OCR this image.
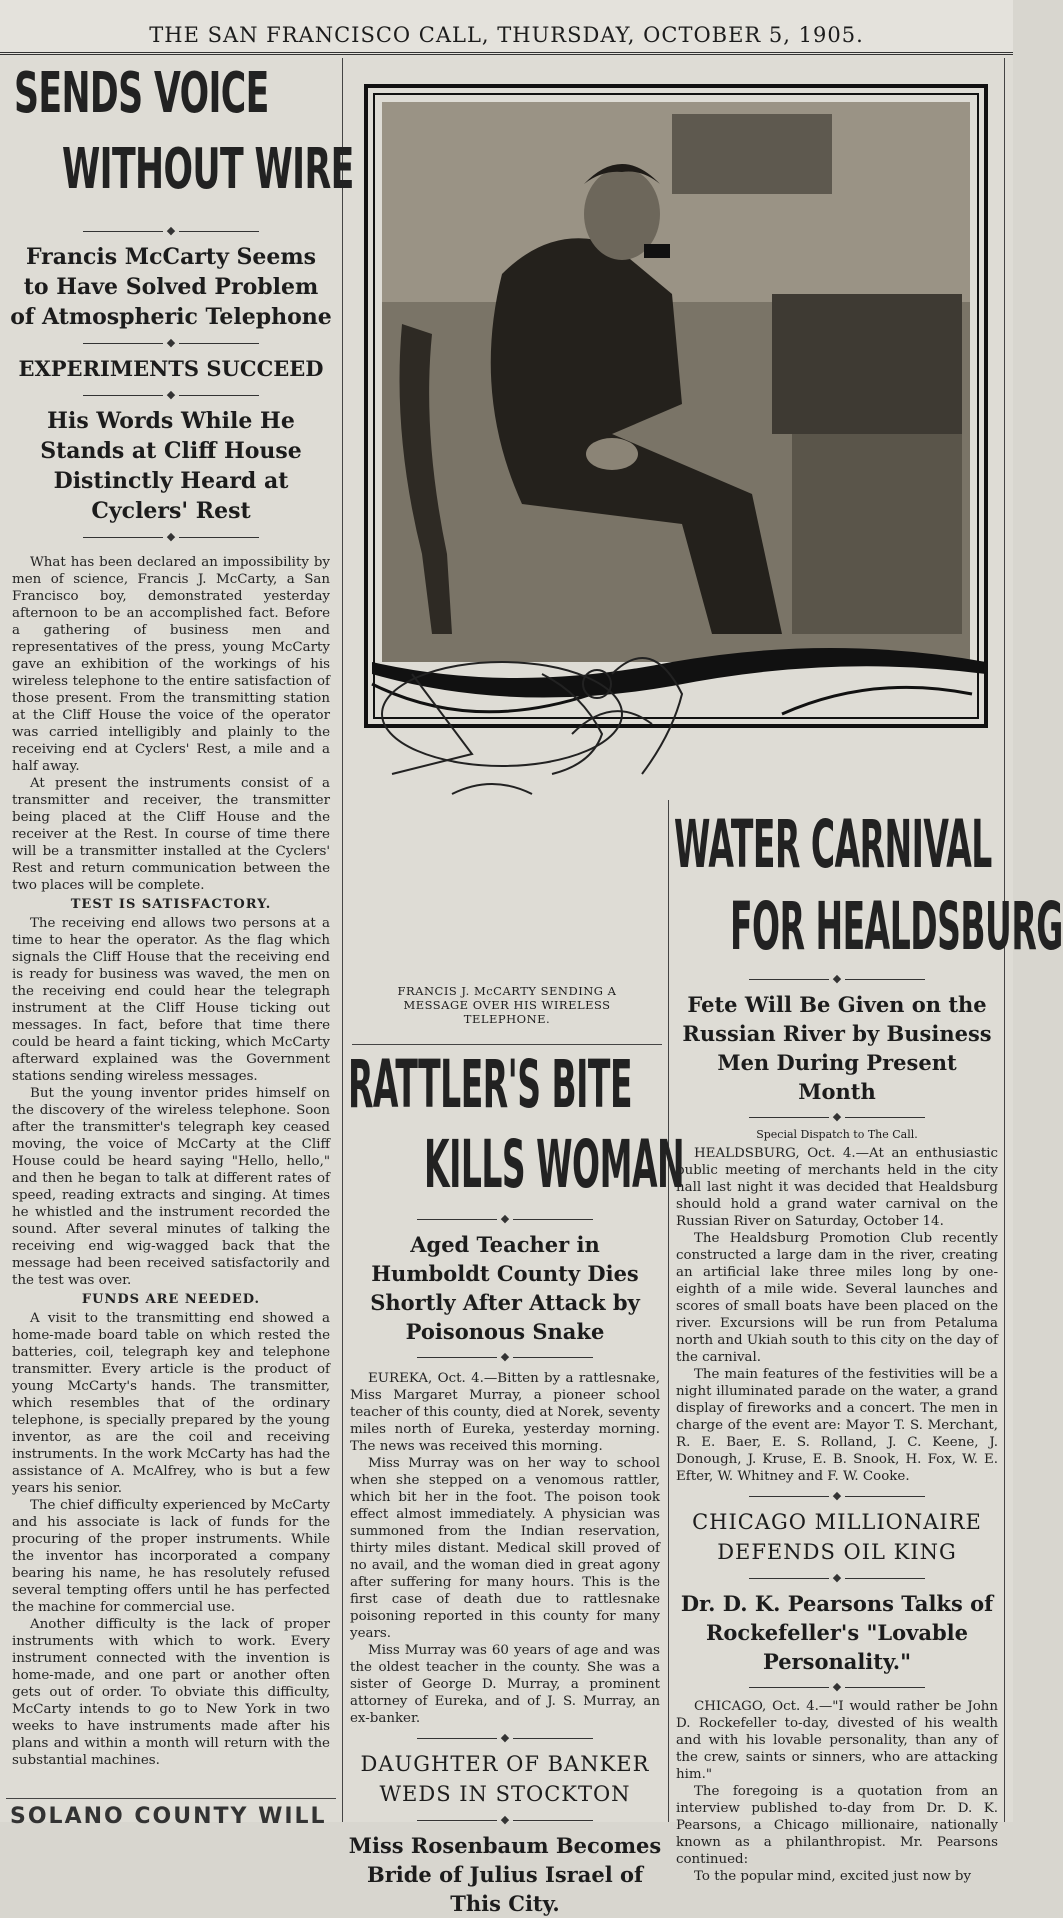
THE SAN FRANCISCO CALL, THURSDAY, OCTOBER 5, 1905.
SENDS VOICE
WITHOUT WIRE
◆
Francis McCarty Seems to Have Solved Problem of Atmospheric Telephone
◆
EXPERIMENTS SUCCEED
◆
His Words While He Stands at Cliff House Distinctly Heard at Cyclers' Rest
◆

What has been declared an impossibility by men of science, Francis J. McCarty, a San Francisco boy, demonstrated yesterday afternoon to be an accomplished fact. Before a gathering of business men and representatives of the press, young McCarty gave an exhibition of the workings of his wireless telephone to the entire satisfaction of those present. From the transmitting station at the Cliff House the voice of the operator was carried intelligibly and plainly to the receiving end at Cyclers' Rest, a mile and a half away.

At present the instruments consist of a transmitter and receiver, the transmitter being placed at the Cliff House and the receiver at the Rest. In course of time there will be a transmitter installed at the Cyclers' Rest and return communication between the two places will be complete.

TEST IS SATISFACTORY.

The receiving end allows two persons at a time to hear the operator. As the flag which signals the Cliff House that the receiving end is ready for business was waved, the men on the receiving end could hear the telegraph instrument at the Cliff House ticking out messages. In fact, before that time there could be heard a faint ticking, which McCarty afterward explained was the Government stations sending wireless messages.

But the young inventor prides himself on the discovery of the wireless telephone. Soon after the transmitter's telegraph key ceased moving, the voice of McCarty at the Cliff House could be heard saying "Hello, hello," and then he began to talk at different rates of speed, reading extracts and singing. At times he whistled and the instrument recorded the sound. After several minutes of talking the receiving end wig-wagged back that the message had been received satisfactorily and the test was over.

FUNDS ARE NEEDED.

A visit to the transmitting end showed a home-made board table on which rested the batteries, coil, telegraph key and telephone transmitter. Every article is the product of young McCarty's hands. The transmitter, which resembles that of the ordinary telephone, is specially prepared by the young inventor, as are the coil and receiving instruments. In the work McCarty has had the assistance of A. McAlfrey, who is but a few years his senior.

The chief difficulty experienced by McCarty and his associate is lack of funds for the procuring of the proper instruments. While the inventor has incorporated a company bearing his name, he has resolutely refused several tempting offers until he has perfected the machine for commercial use.

Another difficulty is the lack of proper instruments with which to work. Every instrument connected with the invention is home-made, and one part or another often gets out of order. To obviate this difficulty, McCarty intends to go to New York in two weeks to have instruments made after his plans and within a month will return with the substantial machines.

SOLANO COUNTY WILL
FRANCIS J. McCARTY SENDING A MESSAGE OVER HIS WIRELESS TELEPHONE.
RATTLER'S BITE
KILLS WOMAN
◆
Aged Teacher in Humboldt County Dies Shortly After Attack by Poisonous Snake
◆

EUREKA, Oct. 4.—Bitten by a rattlesnake, Miss Margaret Murray, a pioneer school teacher of this county, died at Norek, seventy miles north of Eureka, yesterday morning. The news was received this morning.

Miss Murray was on her way to school when she stepped on a venomous rattler, which bit her in the foot. The poison took effect almost immediately. A physician was summoned from the Indian reservation, thirty miles distant. Medical skill proved of no avail, and the woman died in great agony after suffering for many hours. This is the first case of death due to rattlesnake poisoning reported in this county for many years.

Miss Murray was 60 years of age and was the oldest teacher in the county. She was a sister of George D. Murray, a prominent attorney of Eureka, and of J. S. Murray, an ex-banker.

◆
DAUGHTER OF BANKER
WEDS IN STOCKTON
◆
Miss Rosenbaum Becomes Bride of Julius Israel of This City.
WATER CARNIVAL
FOR HEALDSBURG
◆
Fete Will Be Given on the Russian River by Business Men During Present Month
◆
Special Dispatch to The Call.

HEALDSBURG, Oct. 4.—At an enthusiastic public meeting of merchants held in the city hall last night it was decided that Healdsburg should hold a grand water carnival on the Russian River on Saturday, October 14.

The Healdsburg Promotion Club recently constructed a large dam in the river, creating an artificial lake three miles long by one-eighth of a mile wide. Several launches and scores of small boats have been placed on the river. Excursions will be run from Petaluma north and Ukiah south to this city on the day of the carnival.

The main features of the festivities will be a night illuminated parade on the water, a grand display of fireworks and a concert. The men in charge of the event are: Mayor T. S. Merchant, R. E. Baer, E. S. Rolland, J. C. Keene, J. Donough, J. Kruse, E. B. Snook, H. Fox, W. E. Efter, W. Whitney and F. W. Cooke.

◆
CHICAGO MILLIONAIRE
DEFENDS OIL KING
◆
Dr. D. K. Pearsons Talks of Rockefeller's "Lovable Personality."
◆

CHICAGO, Oct. 4.—"I would rather be John D. Rockefeller to-day, divested of his wealth and with his lovable personality, than any of the crew, saints or sinners, who are attacking him."

The foregoing is a quotation from an interview published to-day from Dr. D. K. Pearsons, a Chicago millionaire, nationally known as a philanthropist. Mr. Pearsons continued:

To the popular mind, excited just now by
